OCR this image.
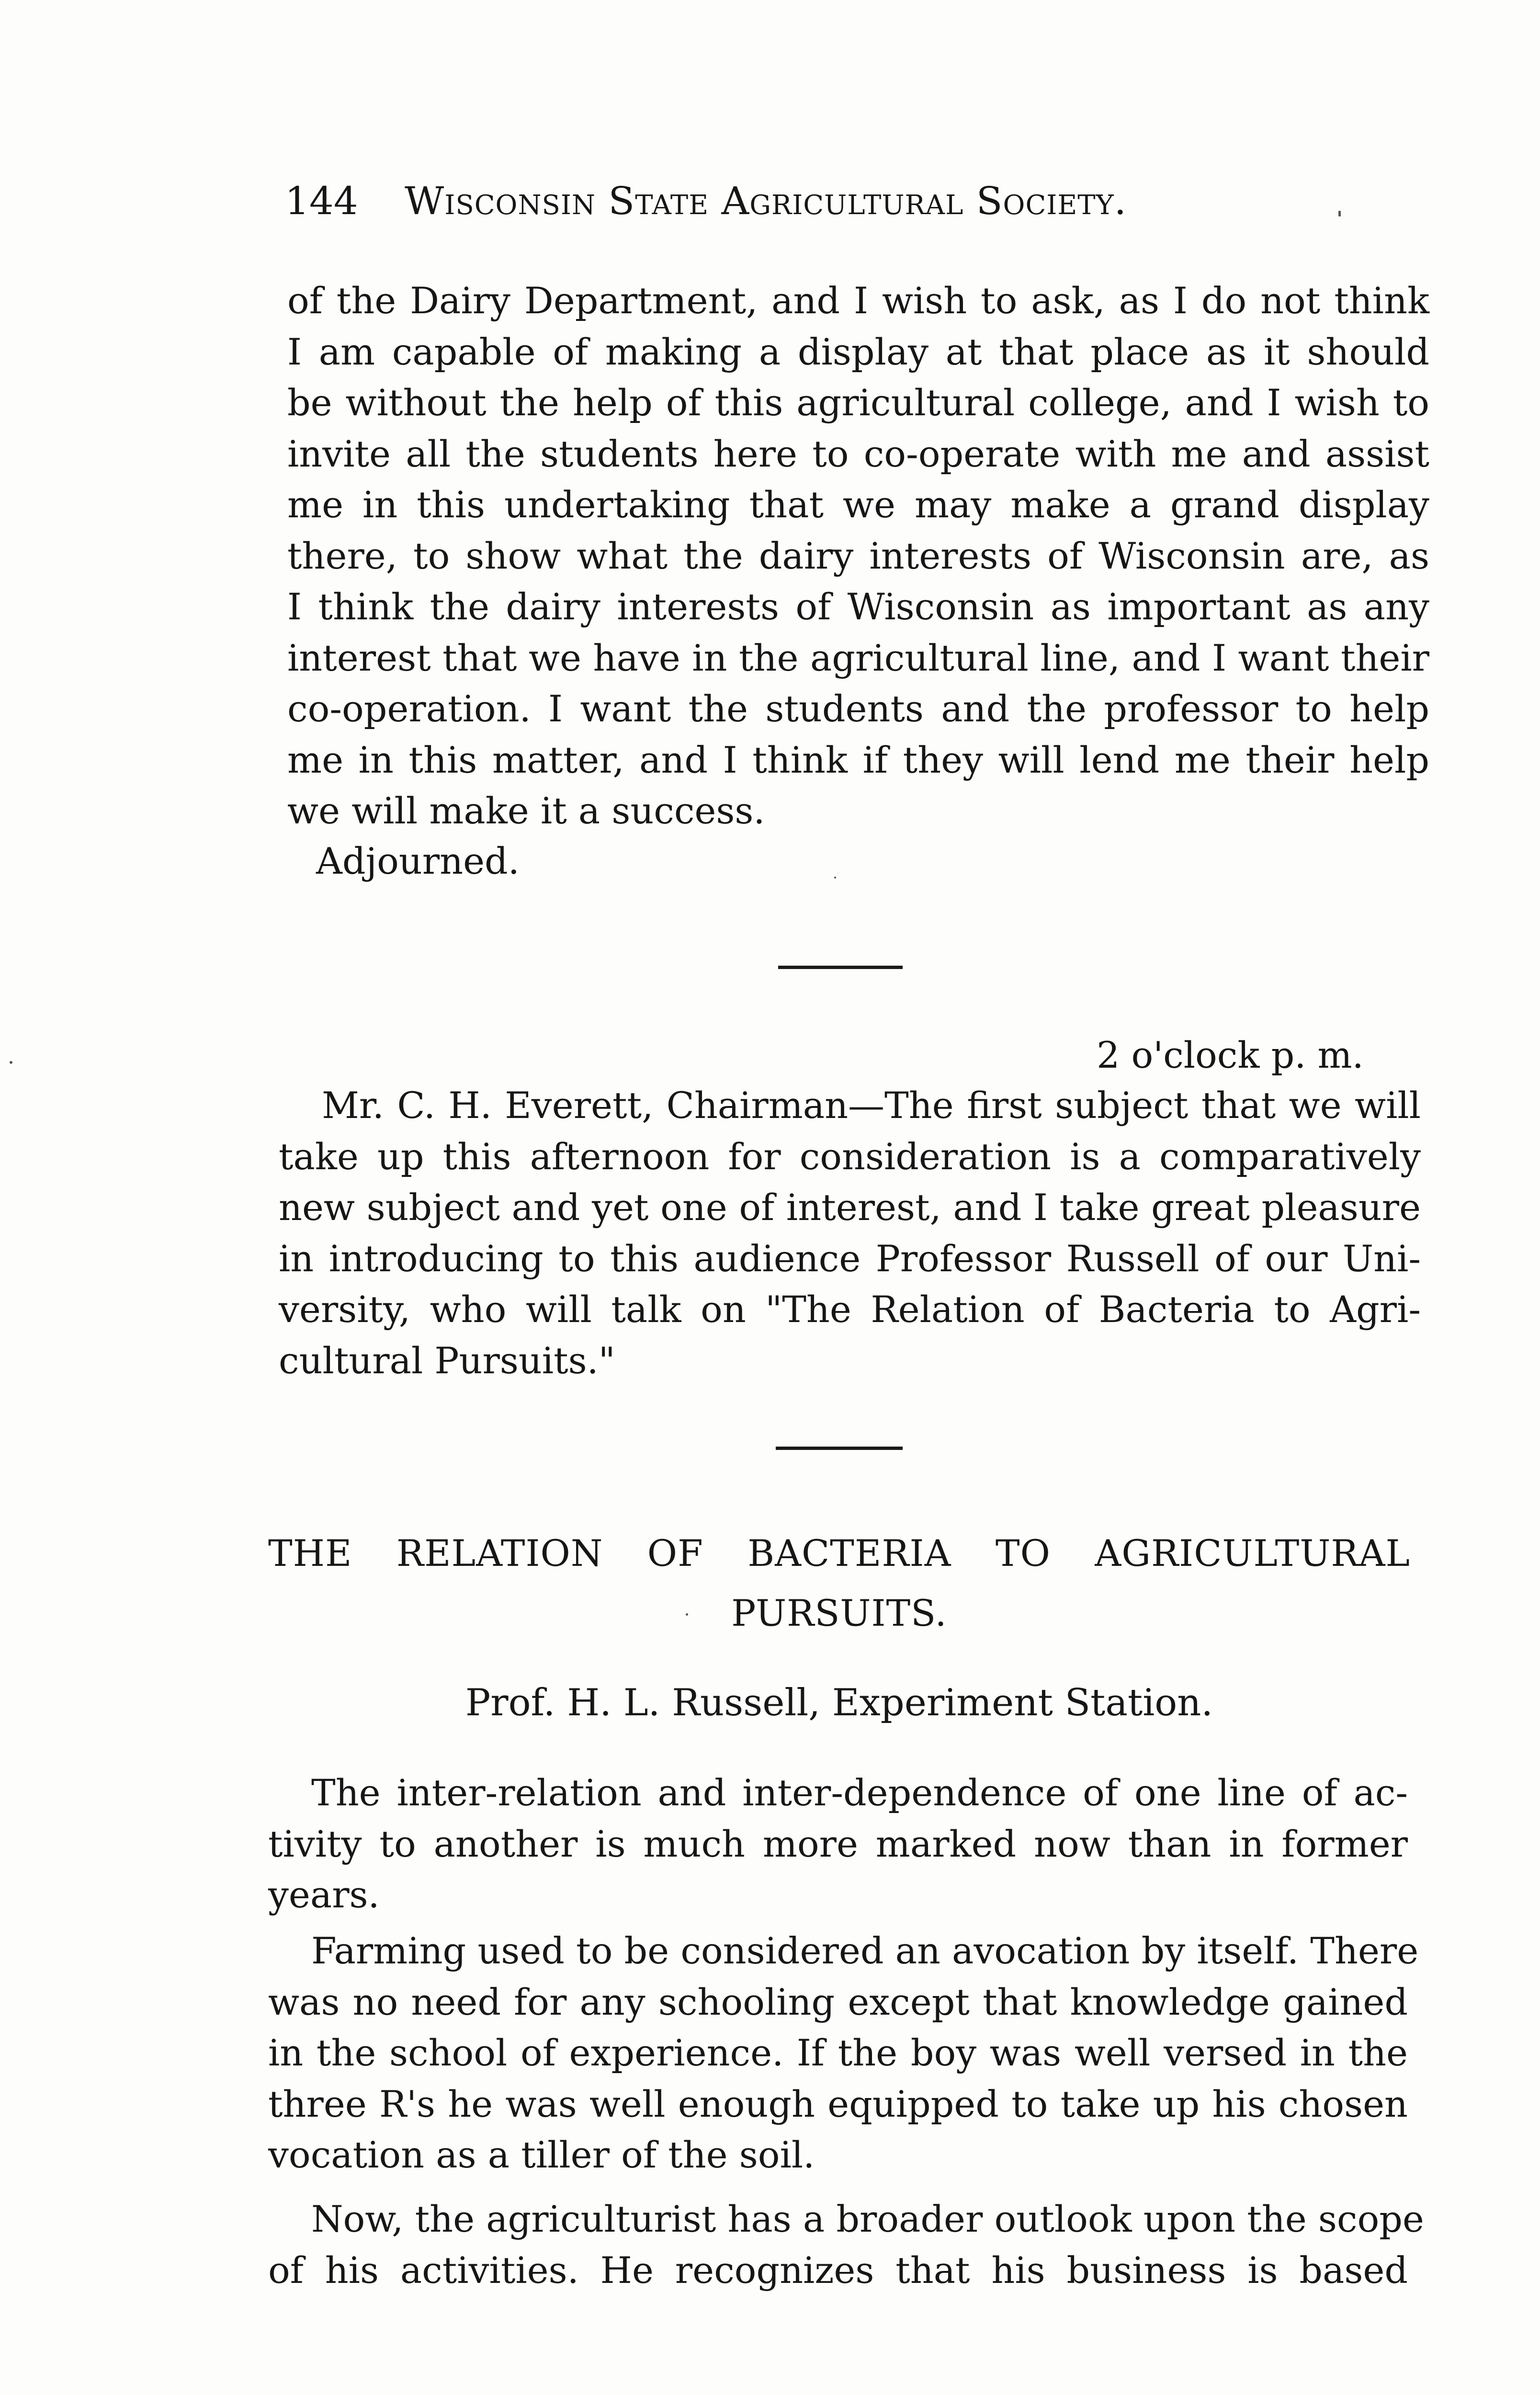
144 Wisconsin State Agricultural Society.
of the Dairy Department, and I wish to ask, as I do not think
I am capable of making a display at that place as it should
be without the help of this agricultural college, and I wish to
invite all the students here to co-operate with me and assist
me in this undertaking that we may make a grand display
there, to show what the dairy interests of Wisconsin are, as
I think the dairy interests of Wisconsin as important as any
interest that we have in the agricultural line, and I want their
co-operation. I want the students and the professor to help
me in this matter, and I think if they will lend me their help
we will make it a success.
Adjourned.
2 o'clock p. m.
Mr. C. H. Everett, Chairman—The first subject that we will
take up this afternoon for consideration is a comparatively
new subject and yet one of interest, and I take great pleasure
in introducing to this audience Professor Russell of our Uni-
versity, who will talk on "The Relation of Bacteria to Agri-
cultural Pursuits."
THE RELATION OF BACTERIA TO AGRICULTURAL
PURSUITS.
Prof. H. L. Russell, Experiment Station.
The inter-relation and inter-dependence of one line of ac-
tivity to another is much more marked now than in former
years.
Farming used to be considered an avocation by itself. There
was no need for any schooling except that knowledge gained
in the school of experience. If the boy was well versed in the
three R's he was well enough equipped to take up his chosen
vocation as a tiller of the soil.
Now, the agriculturist has a broader outlook upon the scope
of his activities. He recognizes that his business is based
